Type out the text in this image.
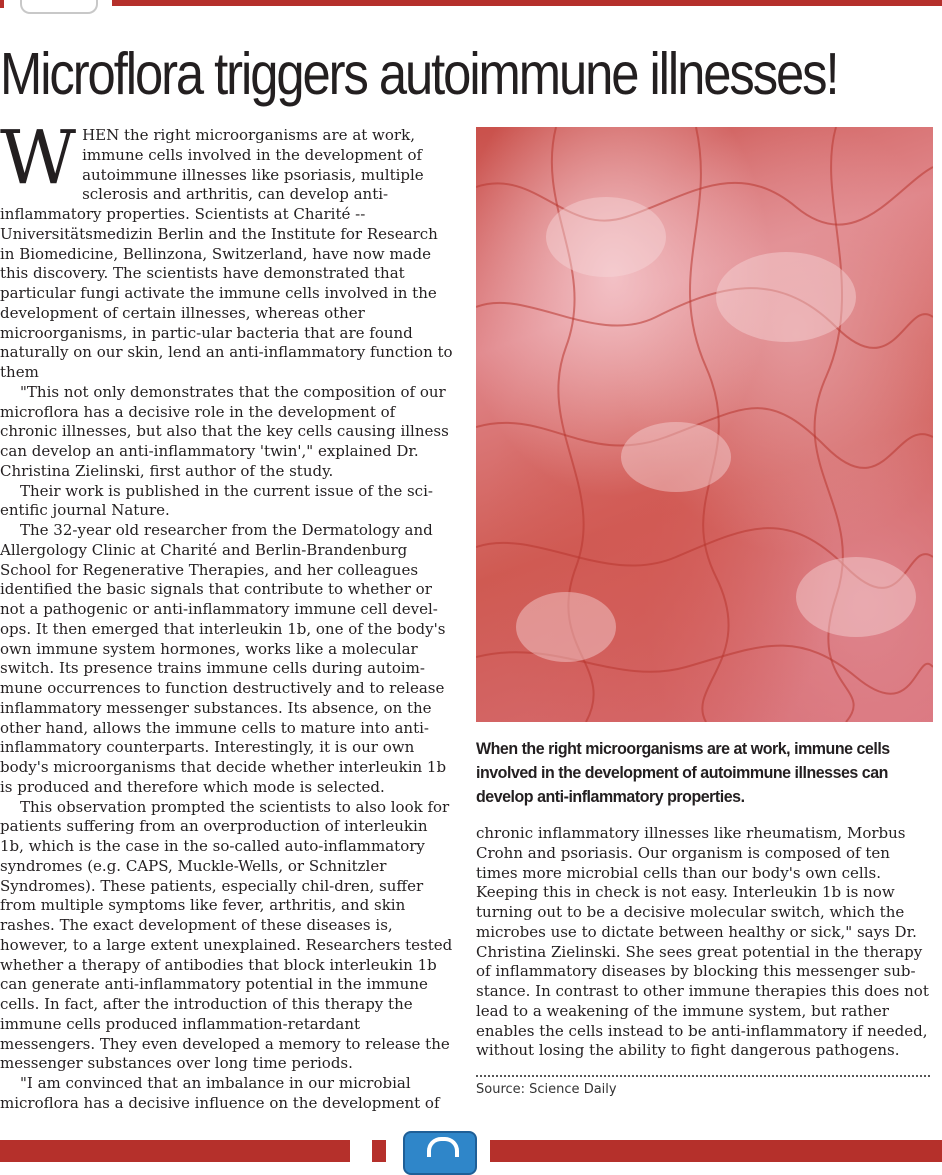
Microflora triggers autoimmune illnesses!

WHEN the right microorganisms are at work, immune cells involved in the development of autoimmune illnesses like psoriasis, multiple sclerosis and arthritis, can develop anti-inflammatory properties. Scientists at Charité -- Universitätsmedizin Berlin and the Institute for Research in Biomedicine, Bellinzona, Switzerland, have now made this discovery. The scientists have demonstrated that particular fungi activate the immune cells involved in the development of certain illnesses, whereas other microorganisms, in partic-ular bacteria that are found naturally on our skin, lend an anti-inflammatory function to them

"This not only demonstrates that the composition of our microflora has a decisive role in the development of chronic illnesses, but also that the key cells causing illness can develop an anti-inflammatory 'twin'," explained Dr. Christina Zielinski, first author of the study.

Their work is published in the current issue of the sci-entific journal Nature.

The 32-year old researcher from the Dermatology and Allergology Clinic at Charité and Berlin-Brandenburg School for Regenerative Therapies, and her colleagues identified the basic signals that contribute to whether or not a pathogenic or anti-inflammatory immune cell devel-ops. It then emerged that interleukin 1b, one of the body's own immune system hormones, works like a molecular switch. Its presence trains immune cells during autoim-mune occurrences to function destructively and to release inflammatory messenger substances. Its absence, on the other hand, allows the immune cells to mature into anti-inflammatory counterparts. Interestingly, it is our own body's microorganisms that decide whether interleukin 1b is produced and therefore which mode is selected.

This observation prompted the scientists to also look for patients suffering from an overproduction of interleukin 1b, which is the case in the so-called auto-inflammatory syndromes (e.g. CAPS, Muckle-Wells, or Schnitzler Syndromes). These patients, especially chil-dren, suffer from multiple symptoms like fever, arthritis, and skin rashes. The exact development of these diseases is, however, to a large extent unexplained. Researchers tested whether a therapy of antibodies that block interleukin 1b can generate anti-inflammatory potential in the immune cells. In fact, after the introduction of this therapy the immune cells produced inflammation-retardant messengers. They even developed a memory to release the messenger substances over long time periods.

"I am convinced that an imbalance in our microbial microflora has a decisive influence on the development of

When the right microorganisms are at work, immune cells involved in the development of autoimmune illnesses can develop anti-inflammatory properties.

chronic inflammatory illnesses like rheumatism, Morbus Crohn and psoriasis. Our organism is composed of ten times more microbial cells than our body's own cells. Keeping this in check is not easy. Interleukin 1b is now turning out to be a decisive molecular switch, which the microbes use to dictate between healthy or sick," says Dr. Christina Zielinski. She sees great potential in the therapy of inflammatory diseases by blocking this messenger sub-stance. In contrast to other immune therapies this does not lead to a weakening of the immune system, but rather enables the cells instead to be anti-inflammatory if needed, without losing the ability to fight dangerous pathogens.

Source: Science Daily
